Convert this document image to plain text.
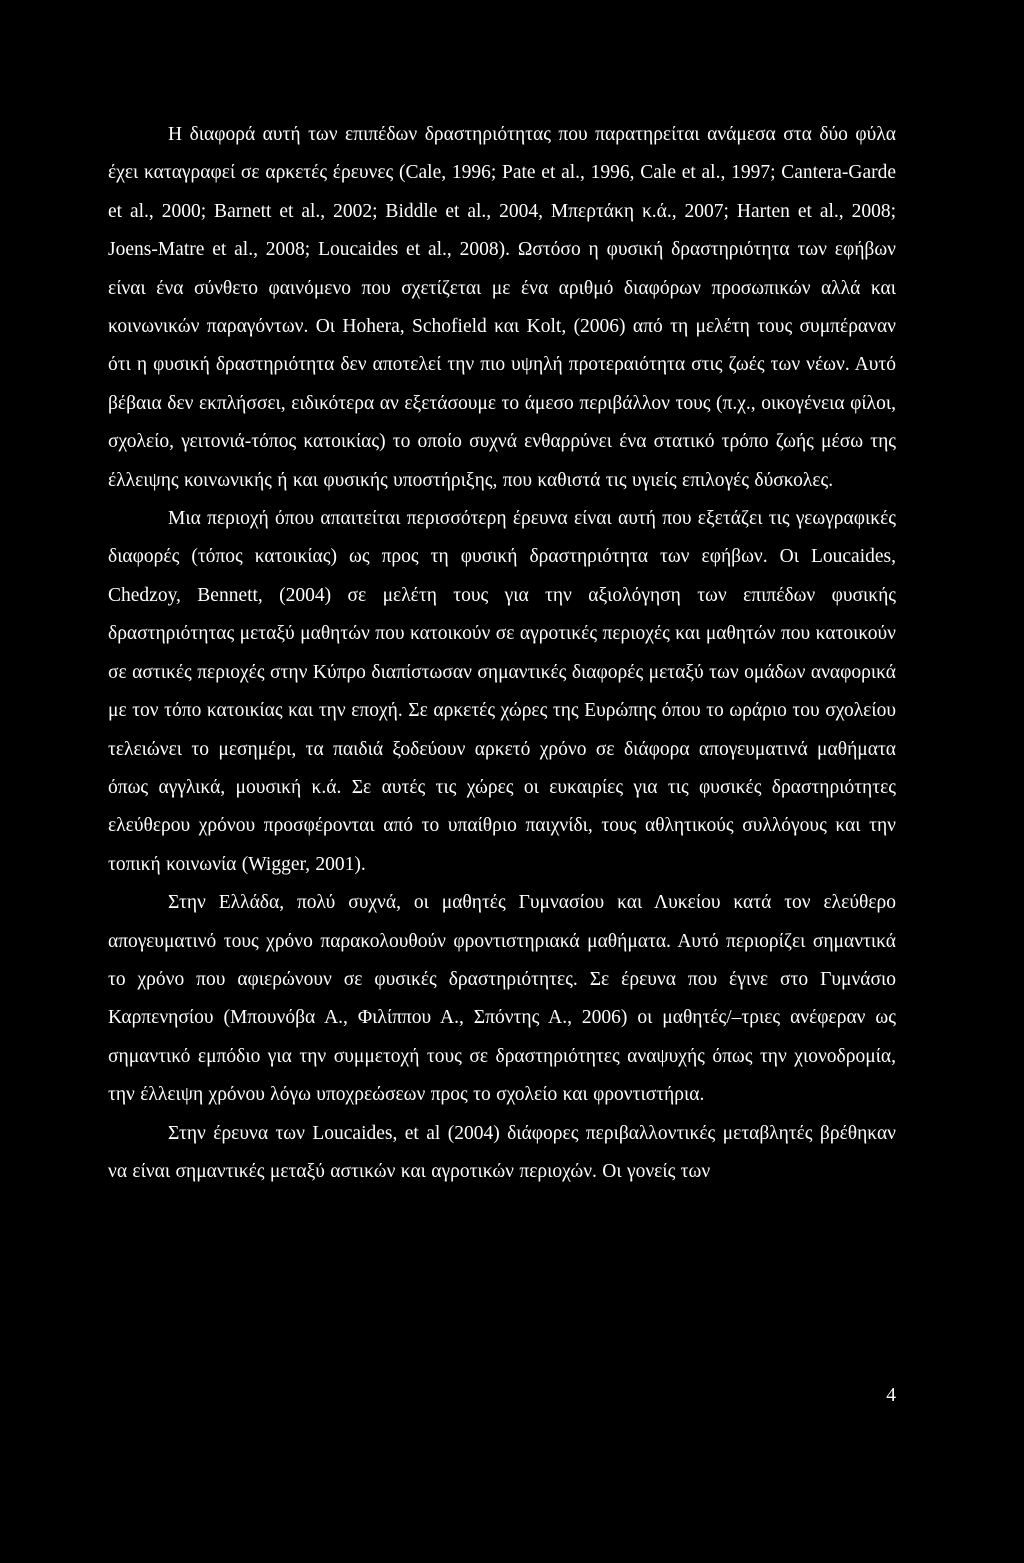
Η διαφορά αυτή των επιπέδων δραστηριότητας που παρατηρείται ανάμεσα στα δύο φύλα έχει καταγραφεί σε αρκετές έρευνες (Cale, 1996; Pate et al., 1996, Cale et al., 1997; Cantera-Garde et al., 2000; Barnett et al., 2002; Biddle et al., 2004, Μπερτάκη κ.ά., 2007; Harten et al., 2008; Joens-Matre et al., 2008; Loucaides et al., 2008). Ωστόσο η φυσική δραστηριότητα των εφήβων είναι ένα σύνθετο φαινόμενο που σχετίζεται με ένα αριθμό διαφόρων προσωπικών αλλά και κοινωνικών παραγόντων. Οι Hohera, Schofield και Kolt, (2006) από τη μελέτη τους συμπέραναν ότι η φυσική δραστηριότητα δεν αποτελεί την πιο υψηλή προτεραιότητα στις ζωές των νέων. Αυτό βέβαια δεν εκπλήσσει, ειδικότερα αν εξετάσουμε το άμεσο περιβάλλον τους (π.χ., οικογένεια φίλοι, σχολείο, γειτονιά-τόπος κατοικίας) το οποίο συχνά ενθαρρύνει ένα στατικό τρόπο ζωής μέσω της έλλειψης κοινωνικής ή και φυσικής υποστήριξης, που καθιστά τις υγιείς επιλογές δύσκολες.

Μια περιοχή όπου απαιτείται περισσότερη έρευνα είναι αυτή που εξετάζει τις γεωγραφικές διαφορές (τόπος κατοικίας) ως προς τη φυσική δραστηριότητα των εφήβων. Οι Loucaides, Chedzoy, Bennett, (2004) σε μελέτη τους για την αξιολόγηση των επιπέδων φυσικής δραστηριότητας μεταξύ μαθητών που κατοικούν σε αγροτικές περιοχές και μαθητών που κατοικούν σε αστικές περιοχές στην Κύπρο διαπίστωσαν σημαντικές διαφορές μεταξύ των ομάδων αναφορικά με τον τόπο κατοικίας και την εποχή. Σε αρκετές χώρες της Ευρώπης όπου το ωράριο του σχολείου τελειώνει το μεσημέρι, τα παιδιά ξοδεύουν αρκετό χρόνο σε διάφορα απογευματινά μαθήματα όπως αγγλικά, μουσική κ.ά. Σε αυτές τις χώρες οι ευκαιρίες για τις φυσικές δραστηριότητες ελεύθερου χρόνου προσφέρονται από το υπαίθριο παιχνίδι, τους αθλητικούς συλλόγους και την τοπική κοινωνία (Wigger, 2001).

Στην Ελλάδα, πολύ συχνά, οι μαθητές Γυμνασίου και Λυκείου κατά τον ελεύθερο απογευματινό τους χρόνο παρακολουθούν φροντιστηριακά μαθήματα. Αυτό περιορίζει σημαντικά το χρόνο που αφιερώνουν σε φυσικές δραστηριότητες. Σε έρευνα που έγινε στο Γυμνάσιο Καρπενησίου (Μπουνόβα Α., Φιλίππου Α., Σπόντης Α., 2006) οι μαθητές/–τριες ανέφεραν ως σημαντικό εμπόδιο για την συμμετοχή τους σε δραστηριότητες αναψυχής όπως την χιονοδρομία, την έλλειψη χρόνου λόγω υποχρεώσεων προς το σχολείο και φροντιστήρια.

Στην έρευνα των Loucaides, et al (2004) διάφορες περιβαλλοντικές μεταβλητές βρέθηκαν να είναι σημαντικές μεταξύ αστικών και αγροτικών περιοχών. Οι γονείς των

4
